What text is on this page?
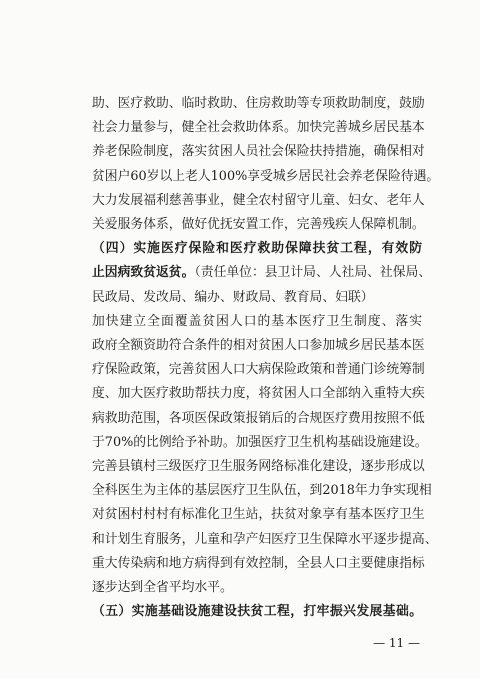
助、医疗救助、临时救助、住房救助等专项救助制度，鼓励
社会力量参与，健全社会救助体系。加快完善城乡居民基本
养老保险制度，落实贫困人员社会保险扶持措施，确保相对
贫困户60岁以上老人100%享受城乡居民社会养老保险待遇。
大力发展福利慈善事业，健全农村留守儿童、妇女、老年人
关爱服务体系，做好优抚安置工作，完善残疾人保障机制。
（四）实施医疗保险和医疗救助保障扶贫工程，有效防
止因病致贫返贫。（责任单位：县卫计局、人社局、社保局、
民政局、发改局、编办、财政局、教育局、妇联）
加快建立全面覆盖贫困人口的基本医疗卫生制度、落实
政府全额资助符合条件的相对贫困人口参加城乡居民基本医
疗保险政策，完善贫困人口大病保险政策和普通门诊统筹制
度、加大医疗救助帮扶力度，将贫困人口全部纳入重特大疾
病救助范围，各项医保政策报销后的合规医疗费用按照不低
于70%的比例给予补助。加强医疗卫生机构基础设施建设。
完善县镇村三级医疗卫生服务网络标准化建设，逐步形成以
全科医生为主体的基层医疗卫生队伍，到2018年力争实现相
对贫困村村村有标准化卫生站，扶贫对象享有基本医疗卫生
和计划生育服务，儿童和孕产妇医疗卫生保障水平逐步提高、
重大传染病和地方病得到有效控制，全县人口主要健康指标
逐步达到全省平均水平。
（五）实施基础设施建设扶贫工程，打牢振兴发展基础。
— 11 —
